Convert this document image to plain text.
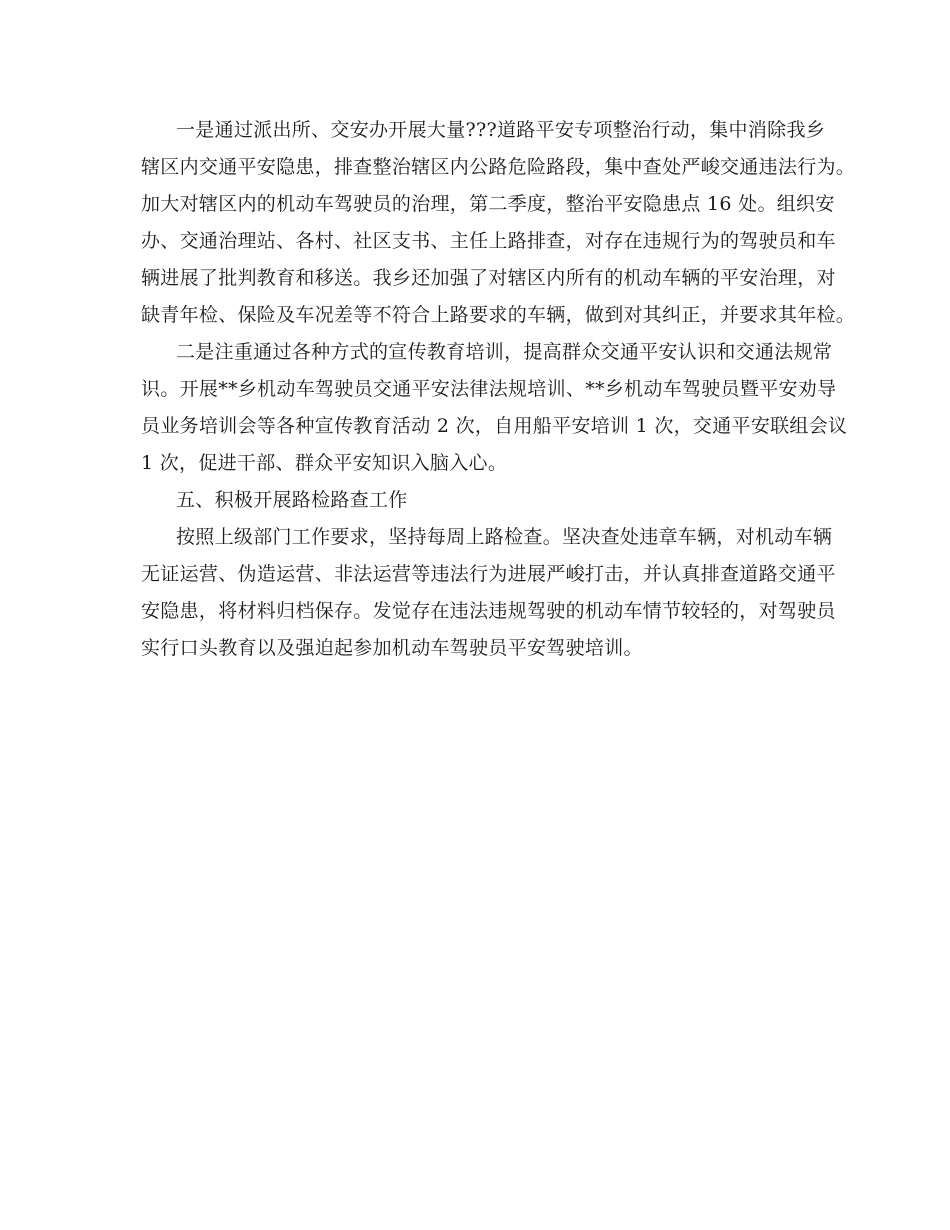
一是通过派出所、交安办开展大量???道路平安专项整治行动，集中消除我乡

辖区内交通平安隐患，排查整治辖区内公路危险路段，集中查处严峻交通违法行为。

加大对辖区内的机动车驾驶员的治理，第二季度，整治平安隐患点 16 处。组织安

办、交通治理站、各村、社区支书、主任上路排查，对存在违规行为的驾驶员和车

辆进展了批判教育和移送。我乡还加强了对辖区内所有的机动车辆的平安治理，对

缺青年检、保险及车况差等不符合上路要求的车辆，做到对其纠正，并要求其年检。

二是注重通过各种方式的宣传教育培训，提高群众交通平安认识和交通法规常

识。开展**乡机动车驾驶员交通平安法律法规培训、**乡机动车驾驶员暨平安劝导

员业务培训会等各种宣传教育活动 2 次，自用船平安培训 1 次，交通平安联组会议

1 次，促进干部、群众平安知识入脑入心。

五、积极开展路检路查工作

按照上级部门工作要求，坚持每周上路检查。坚决查处违章车辆，对机动车辆

无证运营、伪造运营、非法运营等违法行为进展严峻打击，并认真排查道路交通平

安隐患，将材料归档保存。发觉存在违法违规驾驶的机动车情节较轻的，对驾驶员

实行口头教育以及强迫起参加机动车驾驶员平安驾驶培训。
